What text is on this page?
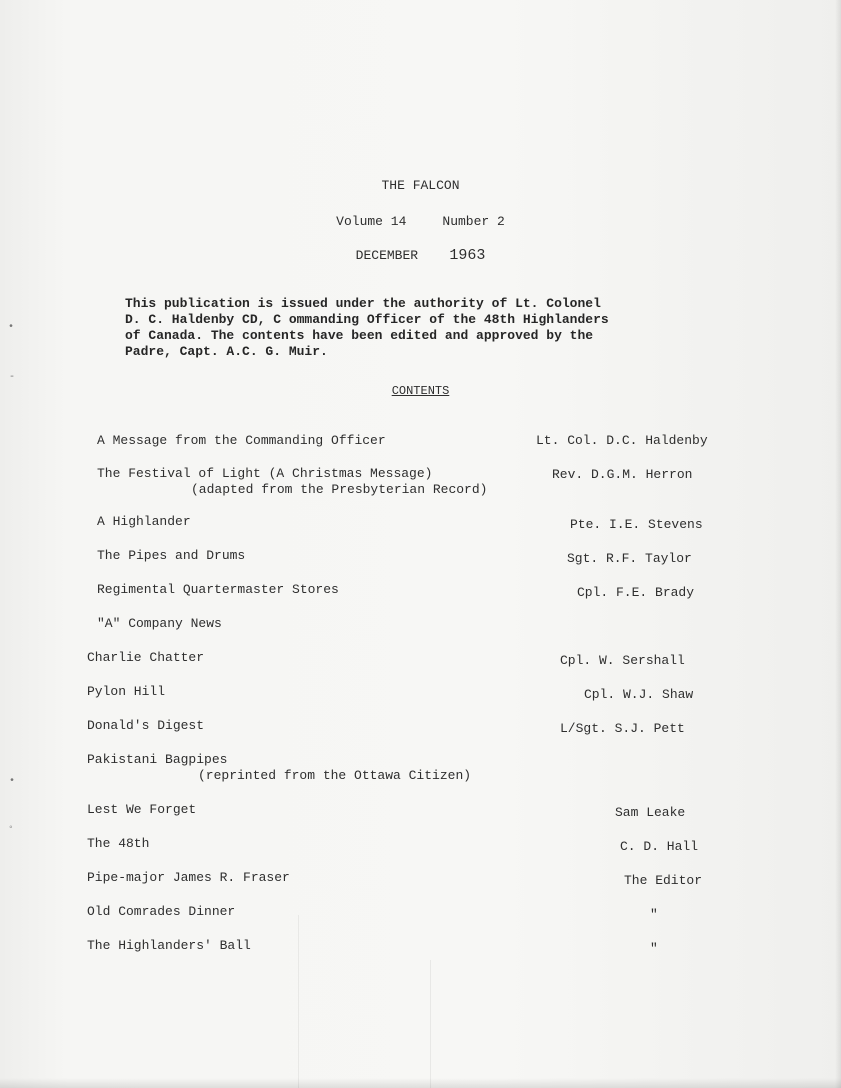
•
-
•
◦
THE FALCON
Volume 14	Number 2
DECEMBER 1963
This publication is issued under the authority of Lt. Colonel
D. C. Haldenby CD, C ommanding Officer of the 48th Highlanders
of Canada. The contents have been edited and approved by the
Padre, Capt. A.C. G. Muir.
CONTENTS
A Message from the Commanding Officer	Lt. Col. D.C. Haldenby
The Festival of Light (A Christmas Message)
(adapted from the Presbyterian Record)
Rev. D.G.M. Herron
A Highlander	Pte. I.E. Stevens
The Pipes and Drums	Sgt. R.F. Taylor
Regimental Quartermaster Stores	Cpl. F.E. Brady
"A" Company News
Charlie Chatter	Cpl. W. Sershall
Pylon Hill	Cpl. W.J. Shaw
Donald's Digest	L/Sgt. S.J. Pett
Pakistani Bagpipes
(reprinted from the Ottawa Citizen)
Lest We Forget	Sam Leake
The 48th	C. D. Hall
Pipe-major James R. Fraser	The Editor
Old Comrades Dinner	"
The Highlanders' Ball	"
